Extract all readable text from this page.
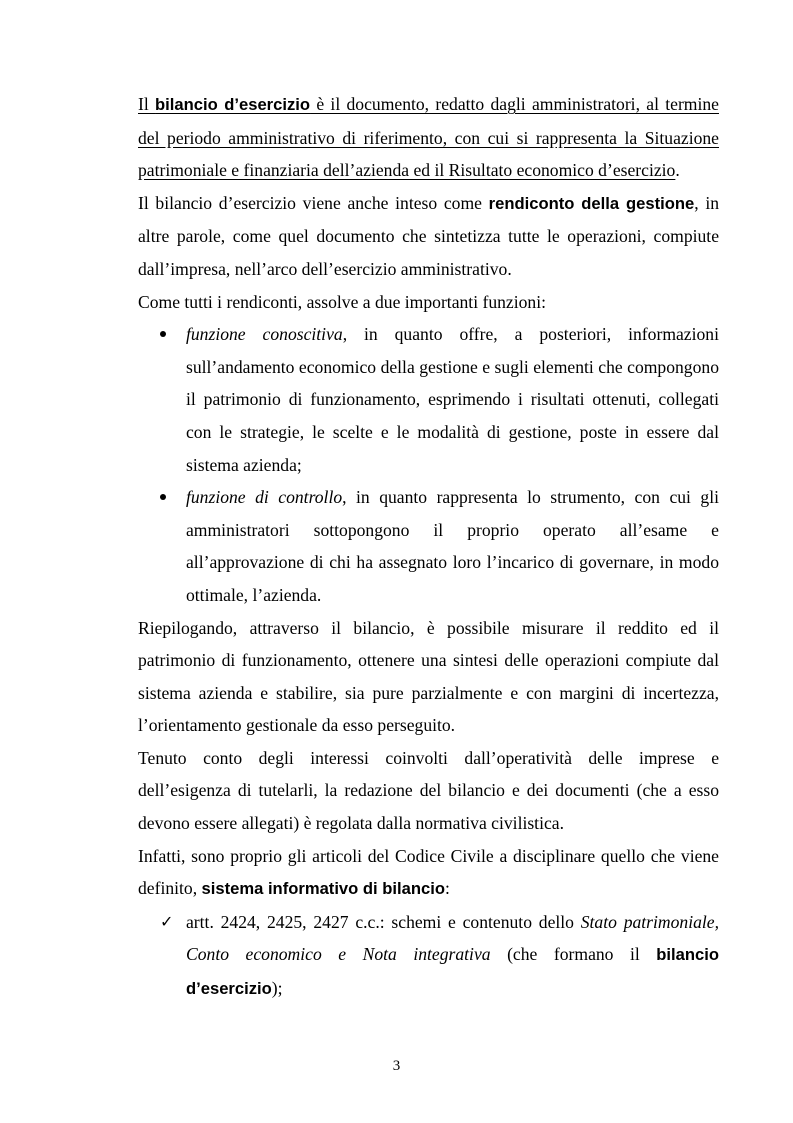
Il bilancio d’esercizio è il documento, redatto dagli amministratori, al termine del periodo amministrativo di riferimento, con cui si rappresenta la Situazione patrimoniale e finanziaria dell’azienda ed il Risultato economico d’esercizio.

Il bilancio d’esercizio viene anche inteso come rendiconto della gestione, in altre parole, come quel documento che sintetizza tutte le operazioni, compiute dall’impresa, nell’arco dell’esercizio amministrativo.

Come tutti i rendiconti, assolve a due importanti funzioni:

funzione conoscitiva, in quanto offre, a posteriori, informazioni sull’andamento economico della gestione e sugli elementi che compongono il patrimonio di funzionamento, esprimendo i risultati ottenuti, collegati con le strategie, le scelte e le modalità di gestione, poste in essere dal sistema azienda;
funzione di controllo, in quanto rappresenta lo strumento, con cui gli amministratori sottopongono il proprio operato all’esame e all’approvazione di chi ha assegnato loro l’incarico di governare, in modo ottimale, l’azienda.

Riepilogando, attraverso il bilancio, è possibile misurare il reddito ed il patrimonio di funzionamento, ottenere una sintesi delle operazioni compiute dal sistema azienda e stabilire, sia pure parzialmente e con margini di incertezza, l’orientamento gestionale da esso perseguito.

Tenuto conto degli interessi coinvolti dall’operatività delle imprese e dell’esigenza di tutelarli, la redazione del bilancio e dei documenti (che a esso devono essere allegati) è regolata dalla normativa civilistica.

Infatti, sono proprio gli articoli del Codice Civile a disciplinare quello che viene definito, sistema informativo di bilancio:

✓ artt. 2424, 2425, 2427 c.c.: schemi e contenuto dello Stato patrimoniale, Conto economico e Nota integrativa (che formano il bilancio d’esercizio);
3
